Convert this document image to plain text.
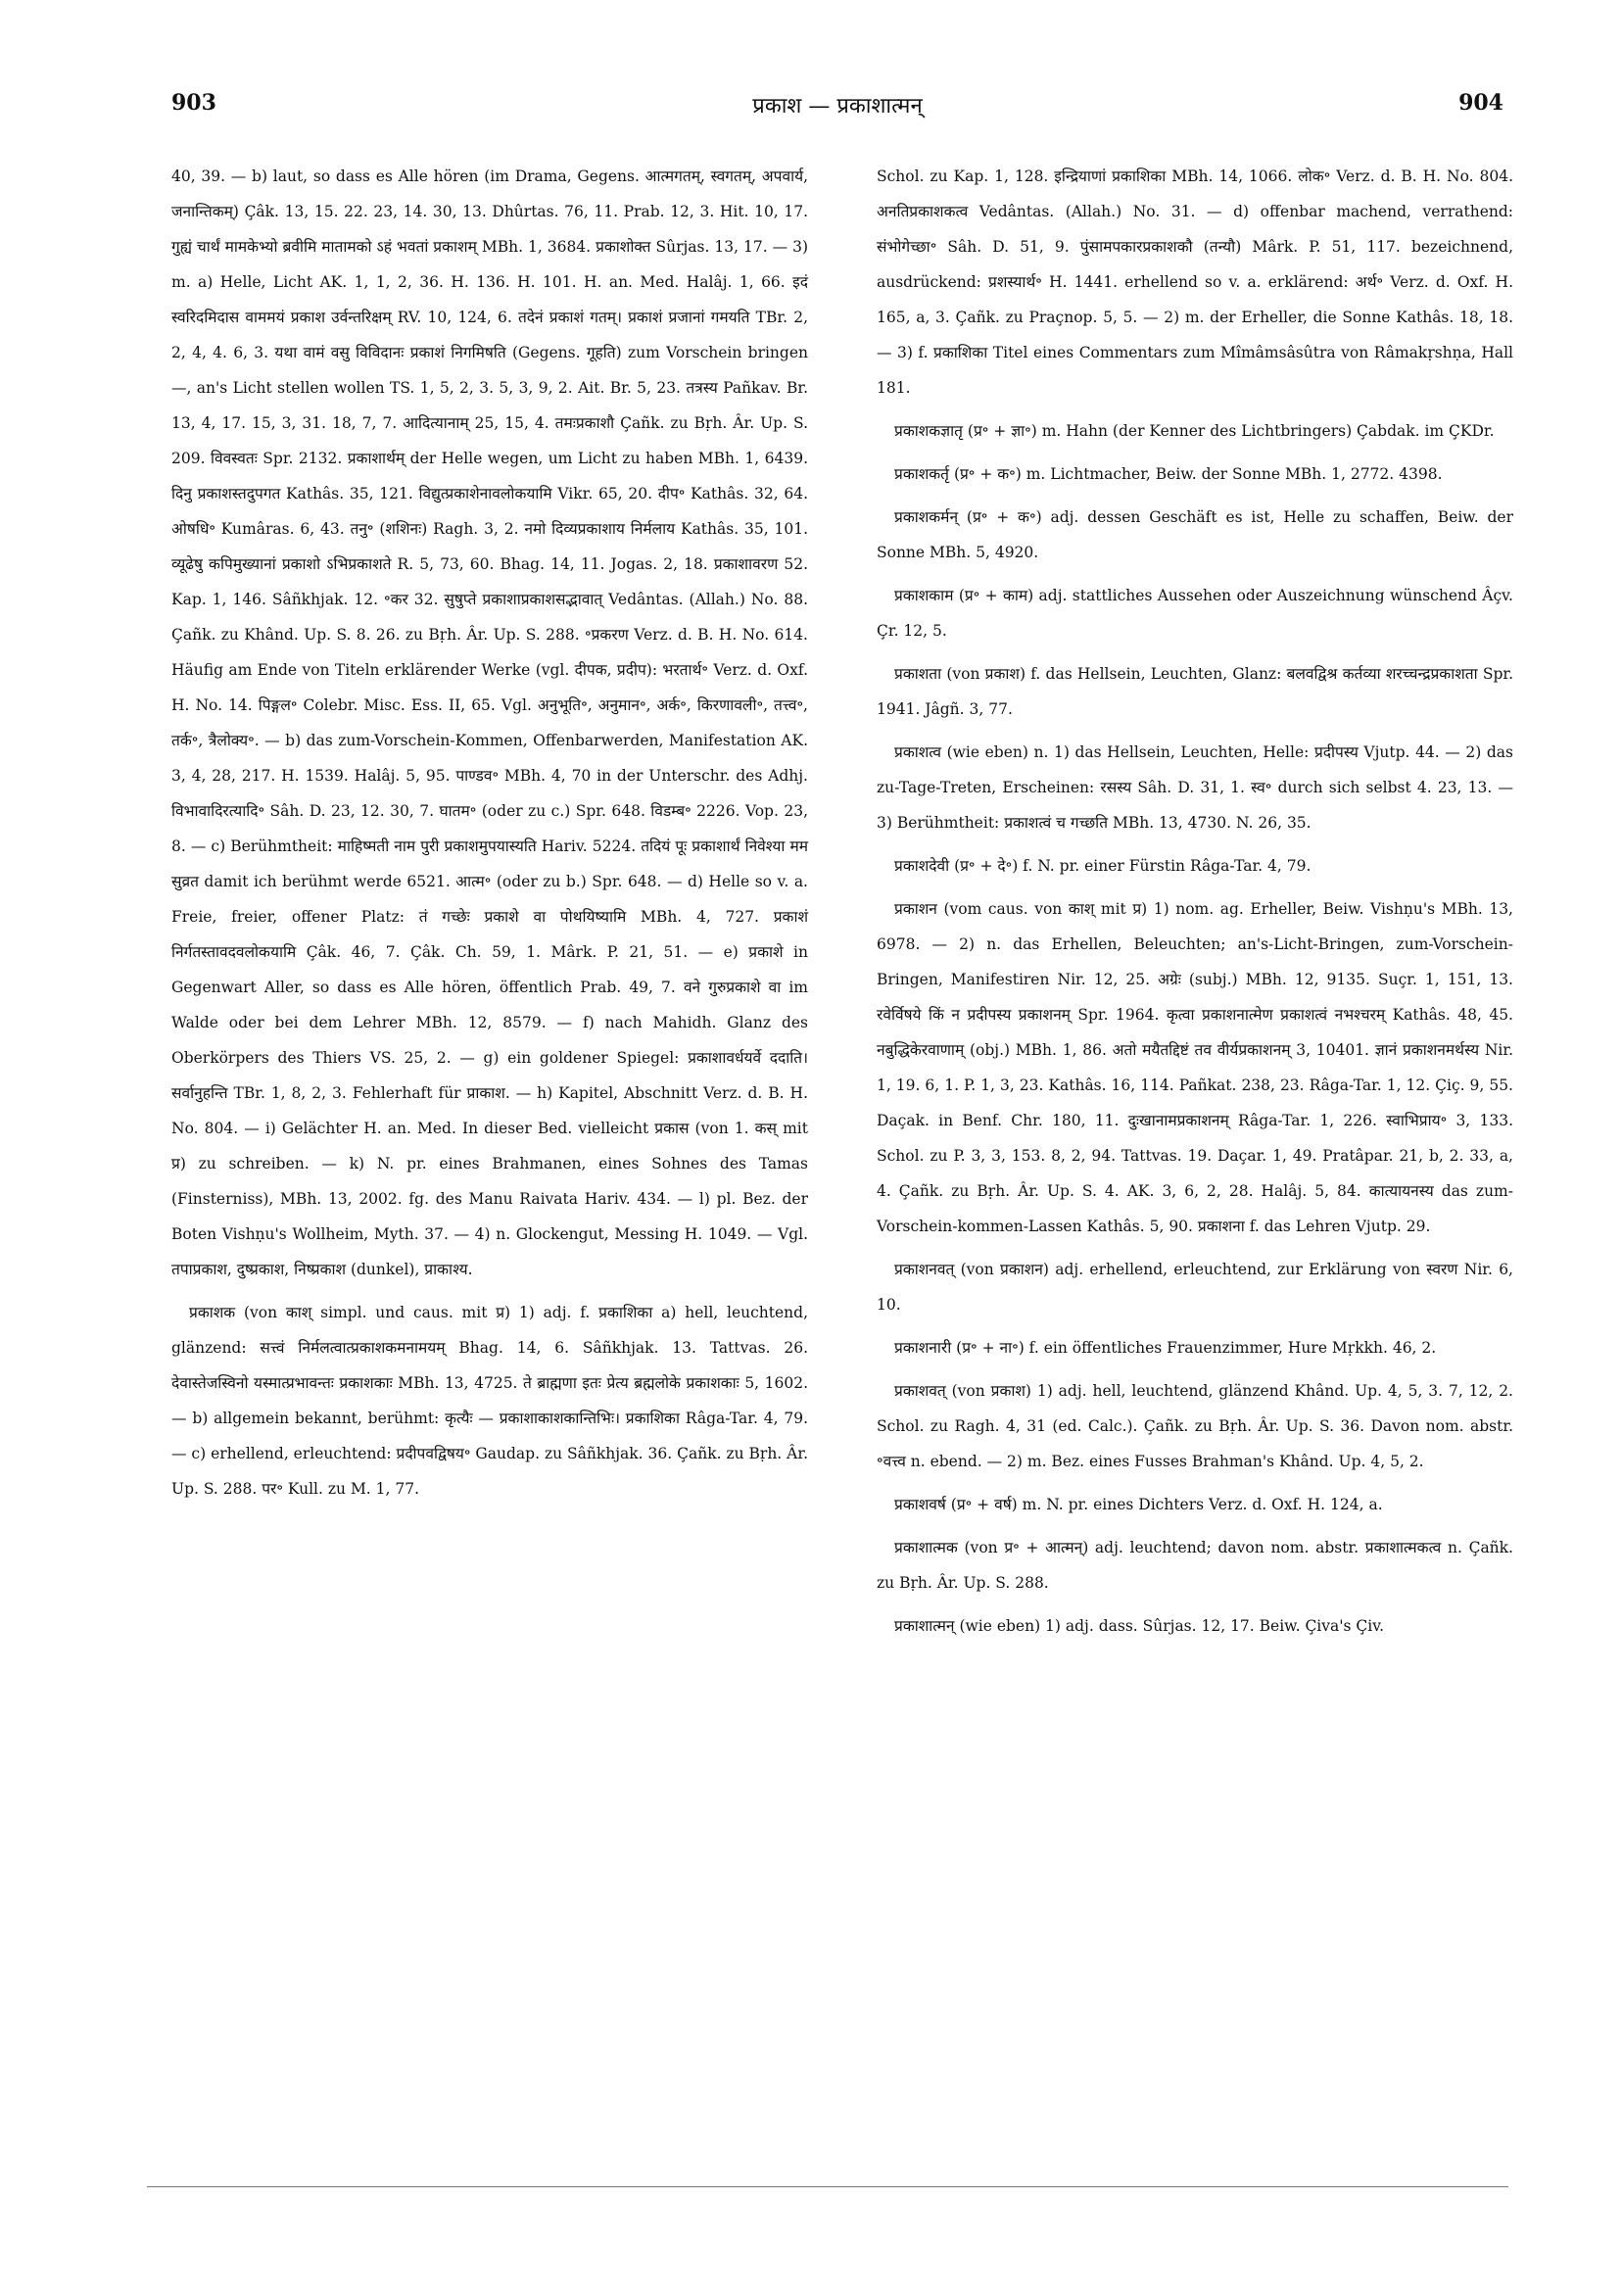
903	प्रकाश — प्रकाशात्मन्	904

40, 39. — b) laut, so dass es Alle hören (im Drama, Gegens. आत्मगतम्, स्वगतम्, अपवार्य, जनान्तिकम्) Çâk. 13, 15. 22. 23, 14. 30, 13. Dhûrtas. 76, 11. Prab. 12, 3. Hit. 10, 17. गुह्यं चार्थं मामकेभ्यो ब्रवीमि मातामको ऽहं भवतां प्रकाशम् MBh. 1, 3684. प्रकाशोक्त Sûrjas. 13, 17. — 3) m. a) Helle, Licht AK. 1, 1, 2, 36. H. 136. H. 101. H. an. Med. Halâj. 1, 66. इदं स्वरिदमिदास वाममयं प्रकाश उर्वन्तरिक्षम् RV. 10, 124, 6. तदेनं प्रकाशं गतम्। प्रकाशं प्रजानां गमयति TBr. 2, 2, 4, 4. 6, 3. यथा वामं वसु विविदानः प्रकाशं निगमिषति (Gegens. गूहति) zum Vorschein bringen —, an's Licht stellen wollen TS. 1, 5, 2, 3. 5, 3, 9, 2. Ait. Br. 5, 23. तत्रस्य Pañkav. Br. 13, 4, 17. 15, 3, 31. 18, 7, 7. आदित्यानाम् 25, 15, 4. तमःप्रकाशौ Çañk. zu Bṛh. Âr. Up. S. 209. विवस्वतः Spr. 2132. प्रकाशार्थम् der Helle wegen, um Licht zu haben MBh. 1, 6439. दिनु प्रकाशस्तदुपगत Kathâs. 35, 121. विद्युत्प्रकाशेनावलोकयामि Vikr. 65, 20. दीप॰ Kathâs. 32, 64. ओषधि॰ Kumâras. 6, 43. तनु॰ (शशिनः) Ragh. 3, 2. नमो दिव्यप्रकाशाय निर्मलाय Kathâs. 35, 101. व्यूढेषु कपिमुख्यानां प्रकाशो ऽभिप्रकाशते R. 5, 73, 60. Bhag. 14, 11. Jogas. 2, 18. प्रकाशावरण 52. Kap. 1, 146. Sâñkhjak. 12. ॰कर 32. सुषुप्ते प्रकाशाप्रकाशसद्भावात् Vedântas. (Allah.) No. 88. Çañk. zu Khând. Up. S. 8. 26. zu Bṛh. Âr. Up. S. 288. ॰प्रकरण Verz. d. B. H. No. 614. Häufig am Ende von Titeln erklärender Werke (vgl. दीपक, प्रदीप): भरतार्थ॰ Verz. d. Oxf. H. No. 14. पिङ्गल॰ Colebr. Misc. Ess. II, 65. Vgl. अनुभूति॰, अनुमान॰, अर्क॰, किरणावली॰, तत्त्व॰, तर्क॰, त्रैलोक्य॰. — b) das zum-Vorschein-Kommen, Offenbarwerden, Manifestation AK. 3, 4, 28, 217. H. 1539. Halâj. 5, 95. पाण्डव॰ MBh. 4, 70 in der Unterschr. des Adhj. विभावादिरत्यादि॰ Sâh. D. 23, 12. 30, 7. घातम॰ (oder zu c.) Spr. 648. विडम्ब॰ 2226. Vop. 23, 8. — c) Berühmtheit: माहिष्मती नाम पुरी प्रकाशमुपयास्यति Hariv. 5224. तदियं पूः प्रकाशार्थं निवेश्या मम सुव्रत damit ich berühmt werde 6521. आत्म॰ (oder zu b.) Spr. 648. — d) Helle so v. a. Freie, freier, offener Platz: तं गच्छेः प्रकाशे वा पोथयिष्यामि MBh. 4, 727. प्रकाशं निर्गतस्तावदवलोकयामि Çâk. 46, 7. Çâk. Ch. 59, 1. Mârk. P. 21, 51. — e) प्रकाशे in Gegenwart Aller, so dass es Alle hören, öffentlich Prab. 49, 7. वने गुरुप्रकाशे वा im Walde oder bei dem Lehrer MBh. 12, 8579. — f) nach Mahidh. Glanz des Oberkörpers des Thiers VS. 25, 2. — g) ein goldener Spiegel: प्रकाशावर्धयर्वे ददाति। सर्वानुहन्ति TBr. 1, 8, 2, 3. Fehlerhaft für प्राकाश. — h) Kapitel, Abschnitt Verz. d. B. H. No. 804. — i) Gelächter H. an. Med. In dieser Bed. vielleicht प्रकास (von 1. कस् mit प्र) zu schreiben. — k) N. pr. eines Brahmanen, eines Sohnes des Tamas (Finsterniss), MBh. 13, 2002. fg. des Manu Raivata Hariv. 434. — l) pl. Bez. der Boten Vishṇu's Wollheim, Myth. 37. — 4) n. Glockengut, Messing H. 1049. — Vgl. तपाप्रकाश, दुष्प्रकाश, निष्प्रकाश (dunkel), प्राकाश्य.

प्रकाशक (von काश् simpl. und caus. mit प्र) 1) adj. f. प्रकाशिका a) hell, leuchtend, glänzend: सत्त्वं निर्मलत्वात्प्रकाशकमनामयम् Bhag. 14, 6. Sâñkhjak. 13. Tattvas. 26. देवास्तेजस्विनो यस्मात्प्रभावन्तः प्रकाशकाः MBh. 13, 4725. ते ब्राह्मणा इतः प्रेत्य ब्रह्मलोके प्रकाशकाः 5, 1602. — b) allgemein bekannt, berühmt: कृत्यैः — प्रकाशाकाशकान्तिभिः। प्रकाशिका Râga-Tar. 4, 79. — c) erhellend, erleuchtend: प्रदीपवद्विषय॰ Gaudap. zu Sâñkhjak. 36. Çañk. zu Bṛh. Âr. Up. S. 288. पर॰ Kull. zu M. 1, 77.

Schol. zu Kap. 1, 128. इन्द्रियाणां प्रकाशिका MBh. 14, 1066. लोक॰ Verz. d. B. H. No. 804. अनतिप्रकाशकत्व Vedântas. (Allah.) No. 31. — d) offenbar machend, verrathend: संभोगेच्छा॰ Sâh. D. 51, 9. पुंसामपकारप्रकाशकौ (तन्यौ) Mârk. P. 51, 117. bezeichnend, ausdrückend: प्रशस्यार्थ॰ H. 1441. erhellend so v. a. erklärend: अर्थ॰ Verz. d. Oxf. H. 165, a, 3. Çañk. zu Praçnop. 5, 5. — 2) m. der Erheller, die Sonne Kathâs. 18, 18. — 3) f. प्रकाशिका Titel eines Commentars zum Mîmâmsâsûtra von Râmakṛshṇa, Hall 181.

प्रकाशकज्ञातृ (प्र॰ + ज्ञा॰) m. Hahn (der Kenner des Lichtbringers) Çabdak. im ÇKDr.

प्रकाशकर्तृ (प्र॰ + क॰) m. Lichtmacher, Beiw. der Sonne MBh. 1, 2772. 4398.

प्रकाशकर्मन् (प्र॰ + क॰) adj. dessen Geschäft es ist, Helle zu schaffen, Beiw. der Sonne MBh. 5, 4920.

प्रकाशकाम (प्र॰ + काम) adj. stattliches Aussehen oder Auszeichnung wünschend Âçv. Çr. 12, 5.

प्रकाशता (von प्रकाश) f. das Hellsein, Leuchten, Glanz: बलवद्विश्र कर्तव्या शरच्चन्द्रप्रकाशता Spr. 1941. Jâgñ. 3, 77.

प्रकाशत्व (wie eben) n. 1) das Hellsein, Leuchten, Helle: प्रदीपस्य Vjutp. 44. — 2) das zu-Tage-Treten, Erscheinen: रसस्य Sâh. D. 31, 1. स्व॰ durch sich selbst 4. 23, 13. — 3) Berühmtheit: प्रकाशत्वं च गच्छति MBh. 13, 4730. N. 26, 35.

प्रकाशदेवी (प्र॰ + दे॰) f. N. pr. einer Fürstin Râga-Tar. 4, 79.

प्रकाशन (vom caus. von काश् mit प्र) 1) nom. ag. Erheller, Beiw. Vishṇu's MBh. 13, 6978. — 2) n. das Erhellen, Beleuchten; an's-Licht-Bringen, zum-Vorschein-Bringen, Manifestiren Nir. 12, 25. अग्रेः (subj.) MBh. 12, 9135. Suçr. 1, 151, 13. रवेर्विषये किं न प्रदीपस्य प्रकाशनम् Spr. 1964. कृत्वा प्रकाशनात्मेण प्रकाशत्वं नभश्चरम् Kathâs. 48, 45. नबुद्धिकेरवाणाम् (obj.) MBh. 1, 86. अतो मयैतद्दिष्टं तव वीर्यप्रकाशनम् 3, 10401. ज्ञानं प्रकाशनमर्थस्य Nir. 1, 19. 6, 1. P. 1, 3, 23. Kathâs. 16, 114. Pañkat. 238, 23. Râga-Tar. 1, 12. Çiç. 9, 55. Daçak. in Benf. Chr. 180, 11. दुःखानामप्रकाशनम् Râga-Tar. 1, 226. स्वाभिप्राय॰ 3, 133. Schol. zu P. 3, 3, 153. 8, 2, 94. Tattvas. 19. Daçar. 1, 49. Pratâpar. 21, b, 2. 33, a, 4. Çañk. zu Bṛh. Âr. Up. S. 4. AK. 3, 6, 2, 28. Halâj. 5, 84. कात्यायनस्य das zum-Vorschein-kommen-Lassen Kathâs. 5, 90. प्रकाशना f. das Lehren Vjutp. 29.

प्रकाशनवत् (von प्रकाशन) adj. erhellend, erleuchtend, zur Erklärung von स्वरण Nir. 6, 10.

प्रकाशनारी (प्र॰ + ना॰) f. ein öffentliches Frauenzimmer, Hure Mṛkkh. 46, 2.

प्रकाशवत् (von प्रकाश) 1) adj. hell, leuchtend, glänzend Khând. Up. 4, 5, 3. 7, 12, 2. Schol. zu Ragh. 4, 31 (ed. Calc.). Çañk. zu Bṛh. Âr. Up. S. 36. Davon nom. abstr. ॰वत्त्व n. ebend. — 2) m. Bez. eines Fusses Brahman's Khând. Up. 4, 5, 2.

प्रकाशवर्ष (प्र॰ + वर्ष) m. N. pr. eines Dichters Verz. d. Oxf. H. 124, a.

प्रकाशात्मक (von प्र॰ + आत्मन्) adj. leuchtend; davon nom. abstr. प्रकाशात्मकत्व n. Çañk. zu Bṛh. Âr. Up. S. 288.

प्रकाशात्मन् (wie eben) 1) adj. dass. Sûrjas. 12, 17. Beiw. Çiva's Çiv.
